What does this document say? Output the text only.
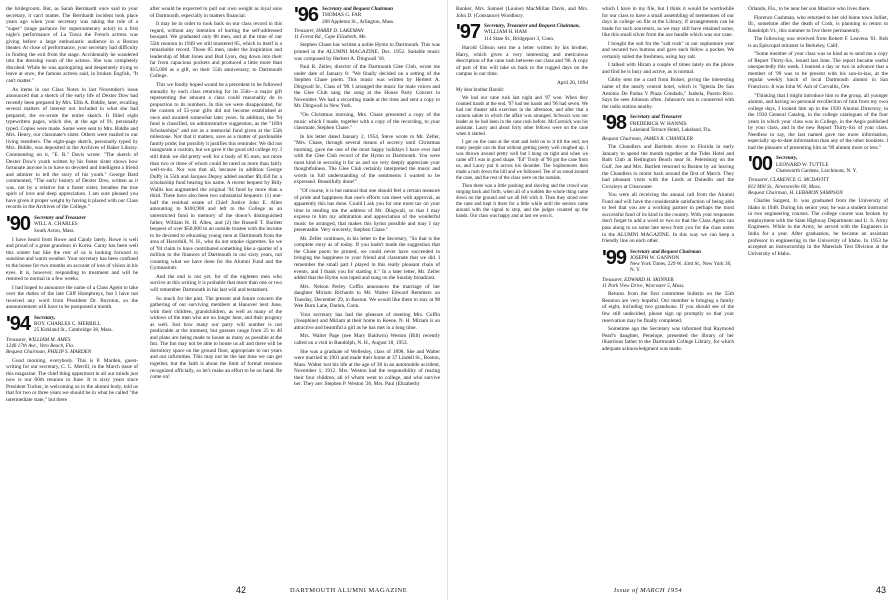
the bridegroom. But, as Sarah Bernhardt once said to your secretary, it can't matter. The Bernhardt incident took place years ago when your secretary was taking the role of a "super" (stage parlance for supernumerary actor) in a first night's performance of La Tosca the French actress was giving before a large enthusiastic audience in a Boston theater. At close of performance, your secretary had difficulty in finding the exit from the stage. Accidentally he wandered into the dressing room of the actress. She was completely disrobed. While he was apologizing and desperately trying to leave at once, the famous actress said, in broken English, "It can't matter."

As items in our Class Notes in last November's issue announced that a sketch of the early life of Dexter Dow had recently been prepared by Mrs. Ellis A. Biddle, later, recalling several matters of interest not included in what she had prepared, the ex-wrote the entire sketch. It filled eight typewritten pages, which she, at the age of 91, personally typed. Copies were made. Some were sent to Mrs. Biddle and Mrs. Henry, our classmate's sister. Others were mailed to our living members. The eight-page sketch, personally typed by Mrs. Biddle, was deposited in the Archives of Baker Library. Commenting on it, "E. R." Davis wrote: "The sketch of Dexter Dow's youth written by his foster sister shows how fortunate anyone is to have so devoted and intelligent a friend and admirer to tell the story of his youth." George Bard commented, "The early history of Dexter Dow, written as it was, not by a relative but a foster sister, breathes the true spirit of love and deep appreciation. I am sure pleased you have given it proper weight by having it placed with our Class records in the Archives of the College."

'90 Secretary and Treasurer
WILL A. CHARLES
South Acton, Mass.

I have heard from Rowe and Candy lately. Rowe is well and proud of a great grandson in Korea. Canty has been well this winter but like the rest of us is looking forward to sunshine and warm weather. Your secretary has been confined to the house for two months on account of loss of vision in his eyes. It is, however, responding to treatment and will be restored to normal in a few weeks.

I had hoped to announce the name of a Class Agent to take over the duties of the late Cliff Humphreys, but I have not received any word from President Dr. Boynton, so the announcement will have to be postponed a month.

'94 Secretary,
ROY. CHARLES C. MERRILL
25 Kirkland St., Cambridge 38, Mass.
Treasurer, WILLIAM M. AMES
1246 17th Ave., Vero Beach, Fla.
Bequest Chairman, PHILIP S. MARDEN

Good morning, everybody. This is P. Marden, guest-writing for our secretary, C. C. Merrill, in the March issue of this magazine. The chief thing uppermost in all our minds just now is our 60th reunion in June. It is sixty years since President Tucker, in welcoming us to the alumni body, told us that for two or three years we should be in what he called "the intermediate state," but there

after would be expected to pull our own weight as loyal sons of Dartmouth, especially in matters financial.

It may be in order to look back on our class record in this regard, without any intention of hurting the self-addressed bouquet. We graduated only 86 men, and at the time of our 55th reunion in 1949 we still mustered 85, which in itself is a remarkable record. Those 85 men, under the inspiration and leadership of Matt Jones and Bud Lyon, dug down into their far from capacious pockets and produced a little more than $15,000 as a gift, on their 55th anniversary, to Dartmouth College.

This we fondly hoped would be a precedent to be followed annually by each class returning for its 55th—a major gift representing the amount a class could reasonably do in proportion to its numbers. In this we were disappointed, for the custom of 55-year gifts did not become established at once and awaited somewhat later years. In addition, the '94 fund is classified, on administrative suggestion, as the "1894 Scholarships" and not as a memorial fund given at the 55th milestone. Nor that it matters, save as a matter of pardonable family pride; but possibly it justifies this reminder. We did not inaugurate a custom, but we gave it the good old college try. I still think we did pretty well for a body of 85 men, not more than two or three of whom could be rated as more than fairly well-to-do. Nor was that all, because in addition George Duffy in 55th and Jacques Depuy added another $9,450 for a scholarship fund bearing his name. A recent bequest by Billy Wallis has augmented the original '94 fund by more than a third. Three have also been two substantial bequests: (1) one-half the residual estate of Chief Justice John E. Allen amounting to $100,900 and left to the College as an unrestricted fund in memory of the donor's distinguished father, William H. H. Allen, and (2) the Russell T. Bartlett bequest of over $50,000 to an outside trustee with the income to be devoted to educating young men at Dartmouth from the area of Haverhill, N. H., who do not smoke cigarettes. So we of '94 claim to have contributed something like a quarter of a million to the finances of Dartmouth in our sixty years, not counting what we have done for the Alumni Fund and the Gymnasium.

And the end is not yet, for of the eighteen men who survive at this writing it is probable that more than one or two will remember Dartmouth in his last will and testament.

So much for the past. The present and future concern the gathering of our surviving members at Hanover next June, with their children, grandchildren, as well as many of the widows of the men who are no longer here, and their progeny as well. Just how many our party will number is not predictable at the moment, but guesses range from 25 to 40 and plans are being made to house as many as possible at the Inn. The Inn may not be able to house us all and there will be dormitory space on the ground floor, appropriate to our years and our infirmities. This may not be the last time we can get together, but the faith is about the limit of formal reunions recognized officially, so let's make an effort to be on hand. Be come on!

'96 Secretary and Bequest Chairman
THOMAS G. FAR
208 Appleton St., Arlington, Mass.
Treasurer, HARRY D. LAKEMAN
11 Forest Rd., Cape Elizabeth, Me.

Stephen Chase has written a noble Hymn to Dartmouth. This was printed in the ALUMNI MAGAZINE, Dec. 1952. Suitable music was composed by Herbert A. Dingwall '16.

Paul R. Zeller, director of the Dartmouth Glee Club, wrote me under date of January 8: "We finally decided on a setting of the Stephen Chase poem. This music was written by Herbert A. Dingwall Sr., Class of '98. I arranged the music for male voices and the Glee Club sang the song at the House Party Concert in November. We had a recording made at the time and sent a copy to Mr. Dingwall in New York.

"On Christmas morning, Mrs. Chase presented a copy of the music which I made, together with a copy of the recording, to your classmate, Stephen Chase."

In his letter dated January 2, 1954, Steve wrote to Mr. Zeller, "Mrs. Chase, through several means of secrecy until Christmas morning, gave me one of the most happy holidays I have ever had with the Glee Club record of the Hymn to Dartmouth. You were most kind in securing it for us and we very deeply appreciate your thoughtfulness. The Glee Club certainly interpreted the music and words in full understanding of the sentiments I wanted to be expressed. Beautifully done!"

"Of course, it is but natural that one should feel a certain measure of pride and happiness that one's efforts can meet with approval, as apparently this has done. Could I ask you for one more tax on your time in sending me the address of Mr. Dingwall, so that I may express to him my admiration and appreciation of the wonderful music he arranged, that makes this hymn possible and may I say presentable. Very sincerely, Stephen Chase."

Mr. Zeller continues, in his letter to the Secretary, "So that is the complete story as of today. If you hadn't made the suggestion that the Chase poem be printed, we could never have succeeded in bringing the happiness to your friend and classmate that we did. I remember the small part I played in this really pleasant chain of events, and I thank you for starting it." In a later letter, Mr. Zeller added that the Hymn was taped and sung on the Sunday broadcast.

Mrs. Nelson Perley Coffin announces the marriage of her daughter Miriam Richards to Mr. Walter Edward Remmers on Tuesday, December 29, in Boston. We would like them to stay at 98 Wee Burn Lane, Darien, Conn.

Your secretary has had the pleasure of meeting Mrs. Coffin (Josephine) and Miriam at their home in Keene, N. H. Miriam is an attractive and beautiful a girl as he has met in a long time.

Mrs. Walter Page (nee Mary Baldwin) Weston (Bill) recently called on a visit in Randolph, N. H., August 18, 1953.

She was a graduate of Wellesley, class of 1898. She and Walter were married in 1901 and made their home at 37 Lindell St., Boston, Mass. Walter lost his life at the age of 38 in an automobile accident, November 1, 1912. Mrs. Weston had the responsibility of rearing their four children, all of whom went to college, and who survive her. They are: Stephen P. Weston '26, Mrs. Paul (Elizabeth)

42	DARTMOUTH ALUMNI MAGAZINE

Bunker, Mrs. Samuel (Louise) MacMillan Davis, and Mrs. John D. (Constance) Woodbury.

'97 Secretary, Treasurer and Bequest Chairman,
WILLIAM H. HAM
114 State St., Bridgeport 3, Conn.

Harold Gibson sent me a letter written by his brother, Harry, which gives a very interesting and meticulous description of the cane rush between our class and '96. A copy of part of this will take us back to the rugged days on the campus in our time.

April 20, 1894

My dear brother Harold:

We had our cane rush last night and '97 won. When they counted hands at the end, '97 had ten hands and '96 had seven. We had our theater talk exercises in the afternoon, and after that a cannon salute in which the affair was arranged. Schwarz was our leader as he had been in the cane rush before. McCormick was his assistant. Laury and about forty other fellows were on the cane when it started.

I got on the cane at the start and held on to it till the end; not many people can do that without getting pretty well roughed up. I was thrown around pretty well but I hung on tight and when we came off I was in good shape. "Ed" Trudy of '96 got the cane from us, and Laury put it across his shoulder. The Sophomores then made a rush down the hill and we followed. Ten of us stood around the cane, and the rest of the class were on the outside.

Then there was a little pushing and shoving and the crowd was surging back and forth, when all of a sudden the whole thing came down on the ground and we all fell with it. Then they stood over the cane and kept it there for a little while until the seniors came around with the signal to stop, and the judges counted up the hands. Our class was happy and at last we won it.

which I have in my file, but I think it would be worthwhile for our class to have a small assembling of mementoes of our days in college on file at the Library, if arrangements can be made for such souvenirs, as we may still have retained some, like this small silver from the axe handle which was our cane.

I bought the suit for the "salt rush" in our sophomore year and secured two buttons and gave each fellow a pocket. We certainly sailed the freshmen, using hay salt.

I talked with Hiram a couple of times lately on the phone and find he is busy and active, as is normal.

Gibby sent me a card from Bolser, giving the interesting name of the nearly central hotel, which is "Iglesia De San Antonio De Padua Y Plaza Condado," Isabela, Puerto Rico. Says he sees Johnson often. Johnson's son is connected with the radio station nearby.

'98 Secretary and Treasurer
FREDERICK W. HANNIS
Lakeland Terrace Hotel, Lakeland, Fla.
Bequest Chairman, JAMES R. CHANDLER

The Chandlers and Bartletts drove to Florida in early January to spend the month together at the Tides Hotel and Bath Club at Redington Beach near St. Petersburg on the Gulf. Joe and Mrs. Bartlett returned to Boston by air leaving the Chandlers to motor back around the first of March. They had pleasant visits with the Lords at Dunedin and the Crowleys at Clearwater.

You were all receiving the annual call from the Alumni Fund and will have the considerable satisfaction of being able to feel that you are a working partner in perhaps the most successful fund of its kind in the country. With your responses don't forget to add a word or two so that the Class Agent can pass along to us some late news from you for the class notes in the ALUMNI MAGAZINE. In this way we can keep a friendly line on each other.

'99 Secretary and Bequest Chairman
JOSEPH W. GANNON
New York Times, 229 W. 43rd St., New York 36, N. Y.
Treasurer, EDWARD H. SKINNER
11 Park View Drive, Worcester 5, Mass.

Returns from the first committee bulletin on the 55th Reunion are very hopeful. Our member is bringing a family of eight, including two grandsons. If you should see of the few still undecided, please sign up promptly so that your reservation may be finally completed.

Sometime ago the Secretary was informed that Raymond Pearl's daughter, Penelope, presented the library of her illustrious father to the Dartmouth College Library, for which adequate acknowledgment was made.

Orlando, Fla., to be near her son Maurice who lives there.

Florence Cushman, who returned to her old home town Jolliet, Ill., sometime after the death of Cosh, is planning to return to Randolph Vt., this summer to live there permanently.

The following was received from Robert F. Leavens '01. Bob is an Episcopal minister in Berkeley, Calif.

"Some member of your class was so kind as to send me a copy of Report Thirty-Six, issued last June. The report became useful unexpectedly this week. I learned a day or two in advance that a member of '99 was to be present with his son-in-law, at the regular weekly lunch of local Dartmouth alumni in San Francisco. It was John W. Ash of Corvallis, Ore.

"Thinking that I might introduce him to the group, all younger alumni, and having no personal recollection of him from my own college days, I looked him up in the 1930 Alumni Directory, in the 1930 General Catalog, in the college catalogues of the four years in which your class was in College, in the Aegis published by your class, and in the new Report Thirty-Six of your class. Needless to say, the last named gave me more information, especially up-to-date information than any of the other booklets. I had the pleasure of presenting him as '99 alumni more or less."

'00 Secretary,
LEONARD W. TUTTLE
Chatsworth Gardens, Larchmont, N. Y.
Treasurer, CLARENCE G. MCDAVITT
812 Mill St., Newtonville 60, Mass.
Bequest Chairman, H. LEBARON SAMPSON

Charles Sargent, Jr. was graduated from the University of Idaho in 1948. During his senior year, he was a student instructor in two engineering courses. The college course was broken by employment with the State Highway Department and U. S. Army Engineers. While in the Army, he served with the Engineers in India for a year. After graduation, he became an assistant professor in engineering in the University of Idaho. In 1953 he accepted an instructorship in the Materials Test Division at the University of Idaho.

Issue of MARCH 1954	43
